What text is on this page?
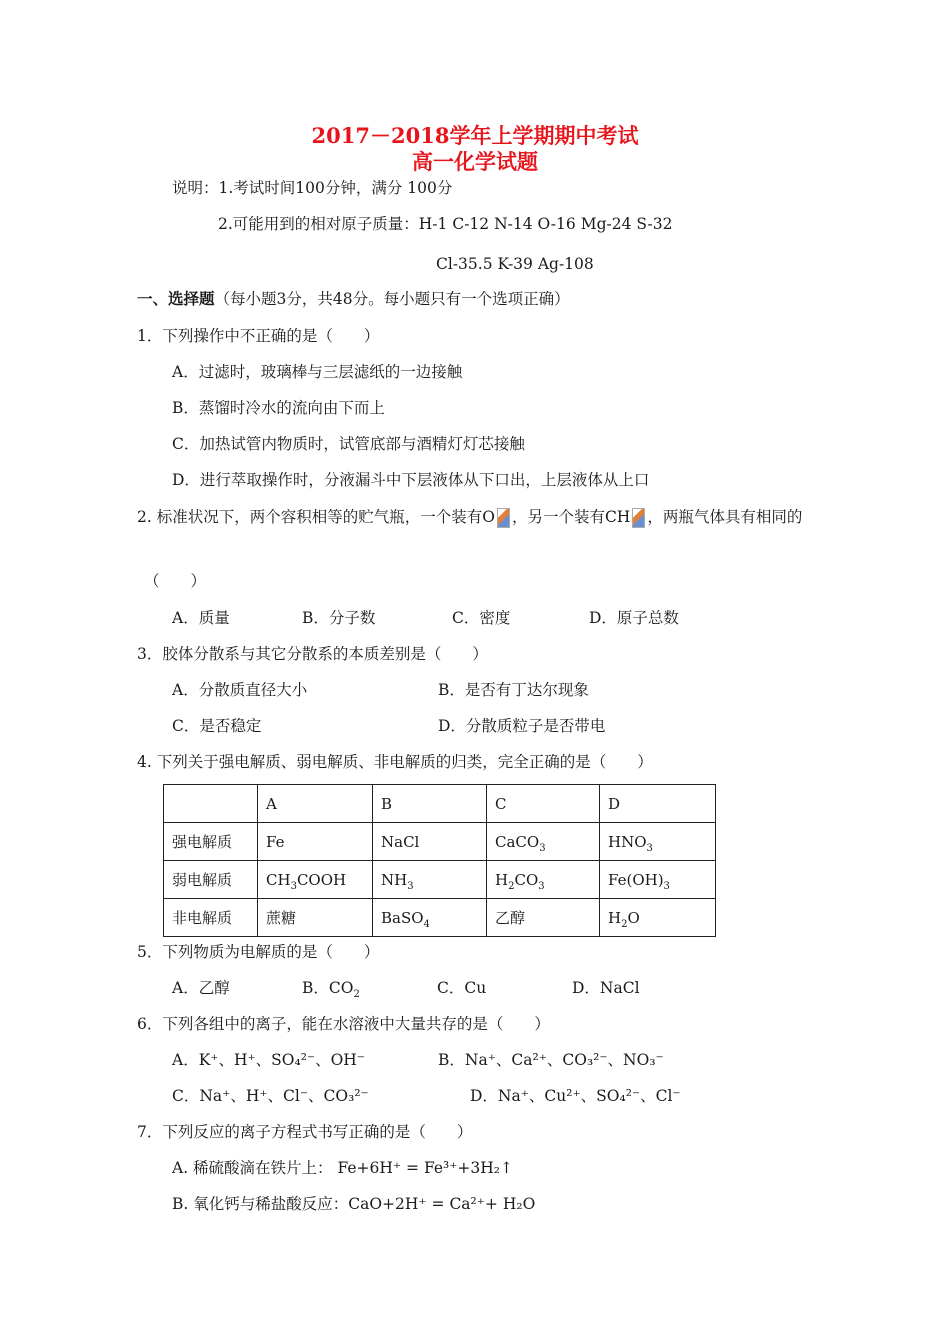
2017－2018学年上学期期中考试
高一化学试题
说明：1.考试时间100分钟，满分 100分
2.可能用到的相对原子质量：H-1 C-12 N-14 O-16 Mg-24 S-32
Cl-35.5 K-39 Ag-108
一、选择题（每小题3分，共48分。每小题只有一个选项正确）
1．下列操作中不正确的是（　　）
A．过滤时，玻璃棒与三层滤纸的一边接触
B．蒸馏时冷水的流向由下而上
C．加热试管内物质时，试管底部与酒精灯灯芯接触
D．进行萃取操作时，分液漏斗中下层液体从下口出，上层液体从上口
2. 标准状况下，两个容积相等的贮气瓶，一个装有O ，另一个装有CH ，两瓶气体具有相同的
（　　）
A．质量	B．分子数	C．密度	D．原子总数
3．胶体分散系与其它分散系的本质差别是（　　）
A．分散质直径大小	B．是否有丁达尔现象
C．是否稳定	D．分散质粒子是否带电
4. 下列关于强电解质、弱电解质、非电解质的归类，完全正确的是（　　）
	A	B	C	D
强电解质	Fe	NaCl	CaCO$_3$	$HNO_3$
弱电解质	$CH_3COOH$	$NH_3$	$H_2CO_3$	$Fe(OH)_3$
非电解质	蔗糖	BaSO$_4$	乙醇	$H_2O$
5．下列物质为电解质的是（　　）
A．乙醇	B．$CO_2$	C．Cu	D．NaCl
6．下列各组中的离子，能在水溶液中大量共存的是（　　）
A．K⁺、H⁺、SO₄²⁻、OH⁻	B．Na⁺、Ca²⁺、CO₃²⁻、NO₃⁻
C．Na⁺、H⁺、Cl⁻、CO₃²⁻	D．Na⁺、Cu²⁺、SO₄²⁻、Cl⁻
7．下列反应的离子方程式书写正确的是（　　）
A. 稀硫酸滴在铁片上： Fe+6H⁺ = Fe³⁺+3H₂↑
B. 氧化钙与稀盐酸反应：CaO+2H⁺ = Ca²⁺+ H₂O
